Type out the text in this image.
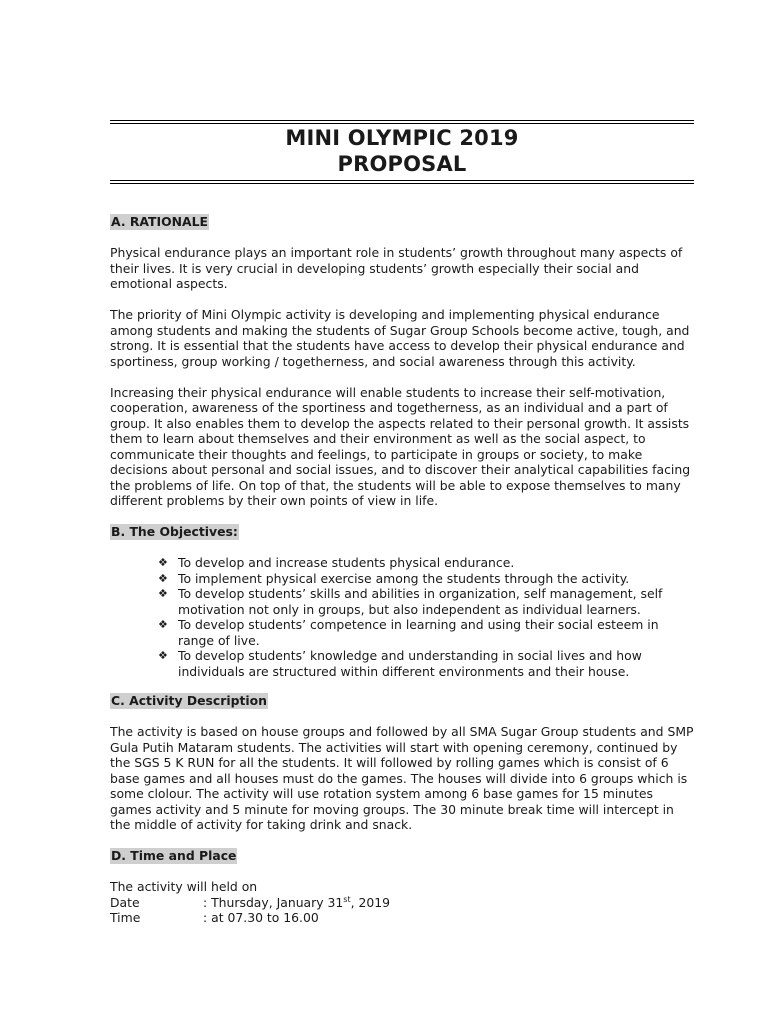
MINI OLYMPIC 2019
PROPOSAL
A. RATIONALE

Physical endurance plays an important role in students’ growth throughout many aspects of their lives. It is very crucial in developing students’ growth especially their social and emotional aspects.

The priority of Mini Olympic activity is developing and implementing physical endurance among students and making the students of Sugar Group Schools become active, tough, and strong. It is essential that the students have access to develop their physical endurance and sportiness, group working / togetherness, and social awareness through this activity.

Increasing their physical endurance will enable students to increase their self-motivation, cooperation, awareness of the sportiness and togetherness, as an individual and a part of group. It also enables them to develop the aspects related to their personal growth. It assists them to learn about themselves and their environment as well as the social aspect, to communicate their thoughts and feelings, to participate in groups or society, to make decisions about personal and social issues, and to discover their analytical capabilities facing the problems of life. On top of that, the students will be able to expose themselves to many different problems by their own points of view in life.

B. The Objectives:
❖ To develop and increase students physical endurance.
❖ To implement physical exercise among the students through the activity.
❖ To develop students’ skills and abilities in organization, self management, self motivation not only in groups, but also independent as individual learners.
❖ To develop students’ competence in learning and using their social esteem in range of live.
❖ To develop students’ knowledge and understanding in social lives and how individuals are structured within different environments and their house.
C. Activity Description

The activity is based on house groups and followed by all SMA Sugar Group students and SMP Gula Putih Mataram students. The activities will start with opening ceremony, continued by the SGS 5 K RUN for all the students. It will followed by rolling games which is consist of 6 base games and all houses must do the games. The houses will divide into 6 groups which is some clolour. The activity will use rotation system among 6 base games for 15 minutes games activity and 5 minute for moving groups. The 30 minute break time will intercept in the middle of activity for taking drink and snack.

D. Time and Place
The activity will held on
Date	: Thursday, January 31st, 2019
Time	: at 07.30 to 16.00
